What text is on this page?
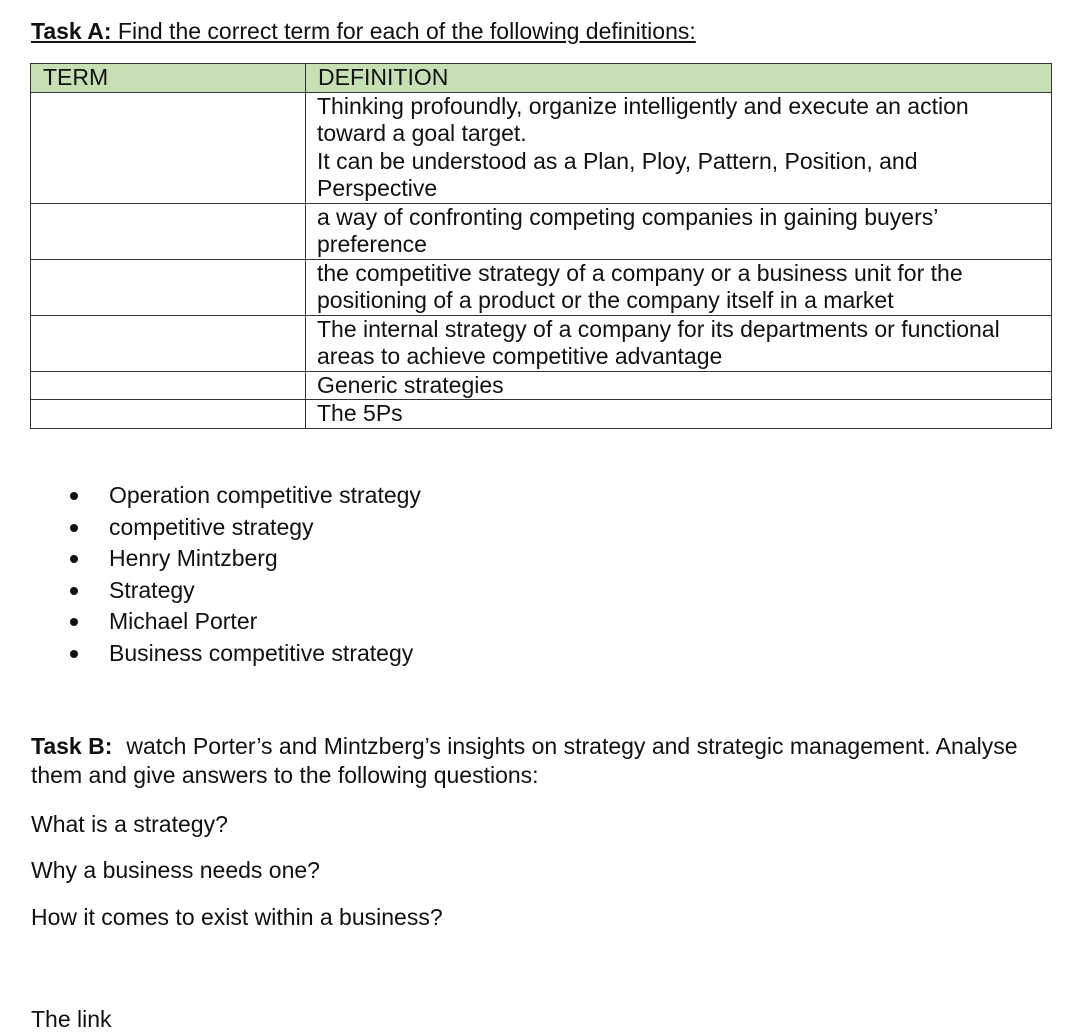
Task A: Find the correct term for each of the following definitions:
TERM	DEFINITION

	Thinking profoundly, organize intelligently and execute an action
toward a goal target.
It can be understood as a Plan, Ploy, Pattern, Position, and
Perspective

	a way of confronting competing companies in gaining buyers’
preference

	the competitive strategy of a company or a business unit for the
positioning of a product or the company itself in a market

	The internal strategy of a company for its departments or functional
areas to achieve competitive advantage

	Generic strategies

	The 5Ps
Operation competitive strategy
competitive strategy
Henry Mintzberg
Strategy
Michael Porter
Business competitive strategy
Task B: watch Porter’s and Mintzberg’s insights on strategy and strategic management. Analyse them and give answers to the following questions:
What is a strategy?
Why a business needs one?
How it comes to exist within a business?
The link
